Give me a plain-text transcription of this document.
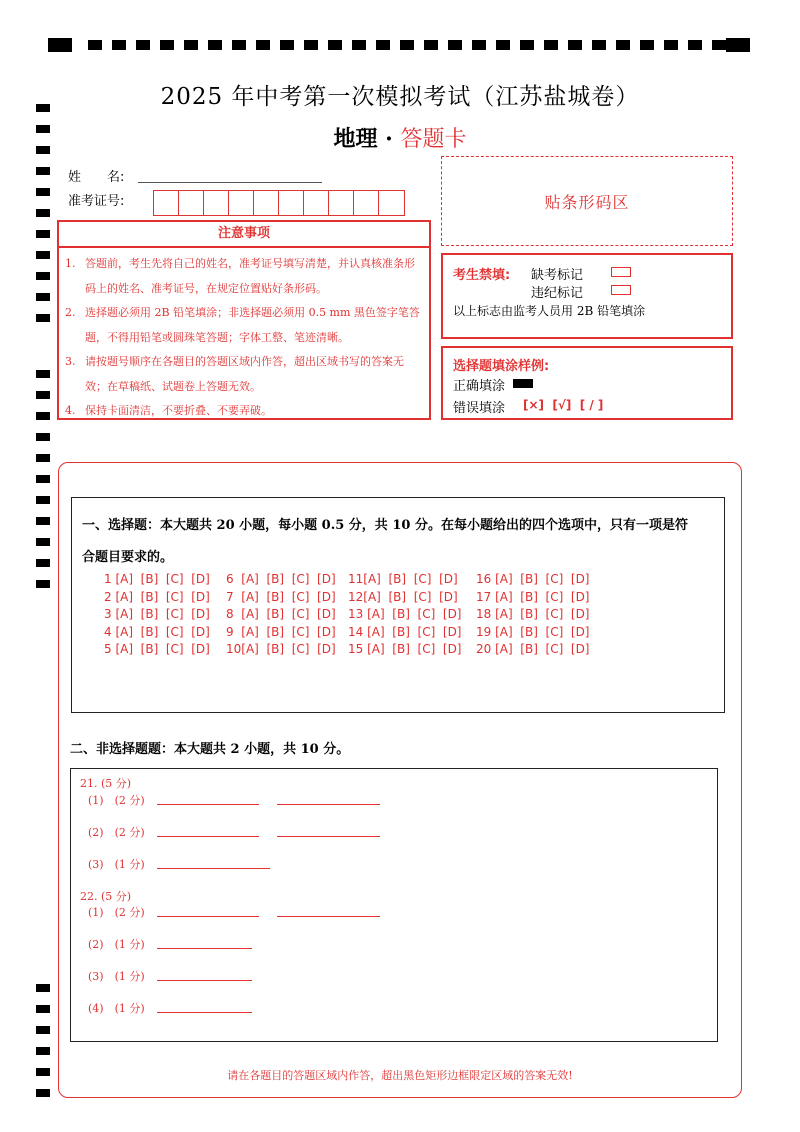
2025 年中考第一次模拟考试（江苏盐城卷）
地理 · 答题卡
姓　　名:
准考证号:	贴条形码区
注意事项
1. 答题前，考生先将自己的姓名，准考证号填写清楚，并认真核准条形码上的姓名、准考证号，在规定位置贴好条形码。
2. 选择题必须用 2B 铅笔填涂；非选择题必须用 0.5 mm 黑色签字笔答题，不得用铅笔或圆珠笔答题；字体工整、笔迹清晰。
3. 请按题号顺序在各题目的答题区域内作答，超出区域书写的答案无效；在草稿纸、试题卷上答题无效。
4. 保持卡面清洁，不要折叠、不要弄破。
考生禁填: 缺考标记
违纪标记
以上标志由监考人员用 2B 铅笔填涂
选择题填涂样例:
正确填涂
错误填涂 [×]  [√]  [ / ]
一、选择题：本大题共 20 小题，每小题 0.5 分，共 10 分。在每小题给出的四个选项中，只有一项是符
合题目要求的。
1 [A]  [B]  [C]  [D] 6  [A]  [B]  [C]  [D] 11[A]  [B]  [C]  [D] 16 [A]  [B]  [C]  [D]
2 [A]  [B]  [C]  [D] 7  [A]  [B]  [C]  [D] 12[A]  [B]  [C]  [D] 17 [A]  [B]  [C]  [D]
3 [A]  [B]  [C]  [D] 8  [A]  [B]  [C]  [D] 13 [A]  [B]  [C]  [D] 18 [A]  [B]  [C]  [D]
4 [A]  [B]  [C]  [D] 9  [A]  [B]  [C]  [D] 14 [A]  [B]  [C]  [D] 19 [A]  [B]  [C]  [D]
5 [A]  [B]  [C]  [D] 10[A]  [B]  [C]  [D] 15 [A]  [B]  [C]  [D] 20 [A]  [B]  [C]  [D]
二、非选择题题：本大题共 2 小题，共 10 分。
21. (5 分)
(1)　(2 分)
(2)　(2 分)
(3)　(1 分)
22. (5 分)
(1)　(2 分)
(2)　(1 分)
(3)　(1 分)
(4)　(1 分)
请在各题目的答题区域内作答，超出黑色矩形边框限定区域的答案无效!
